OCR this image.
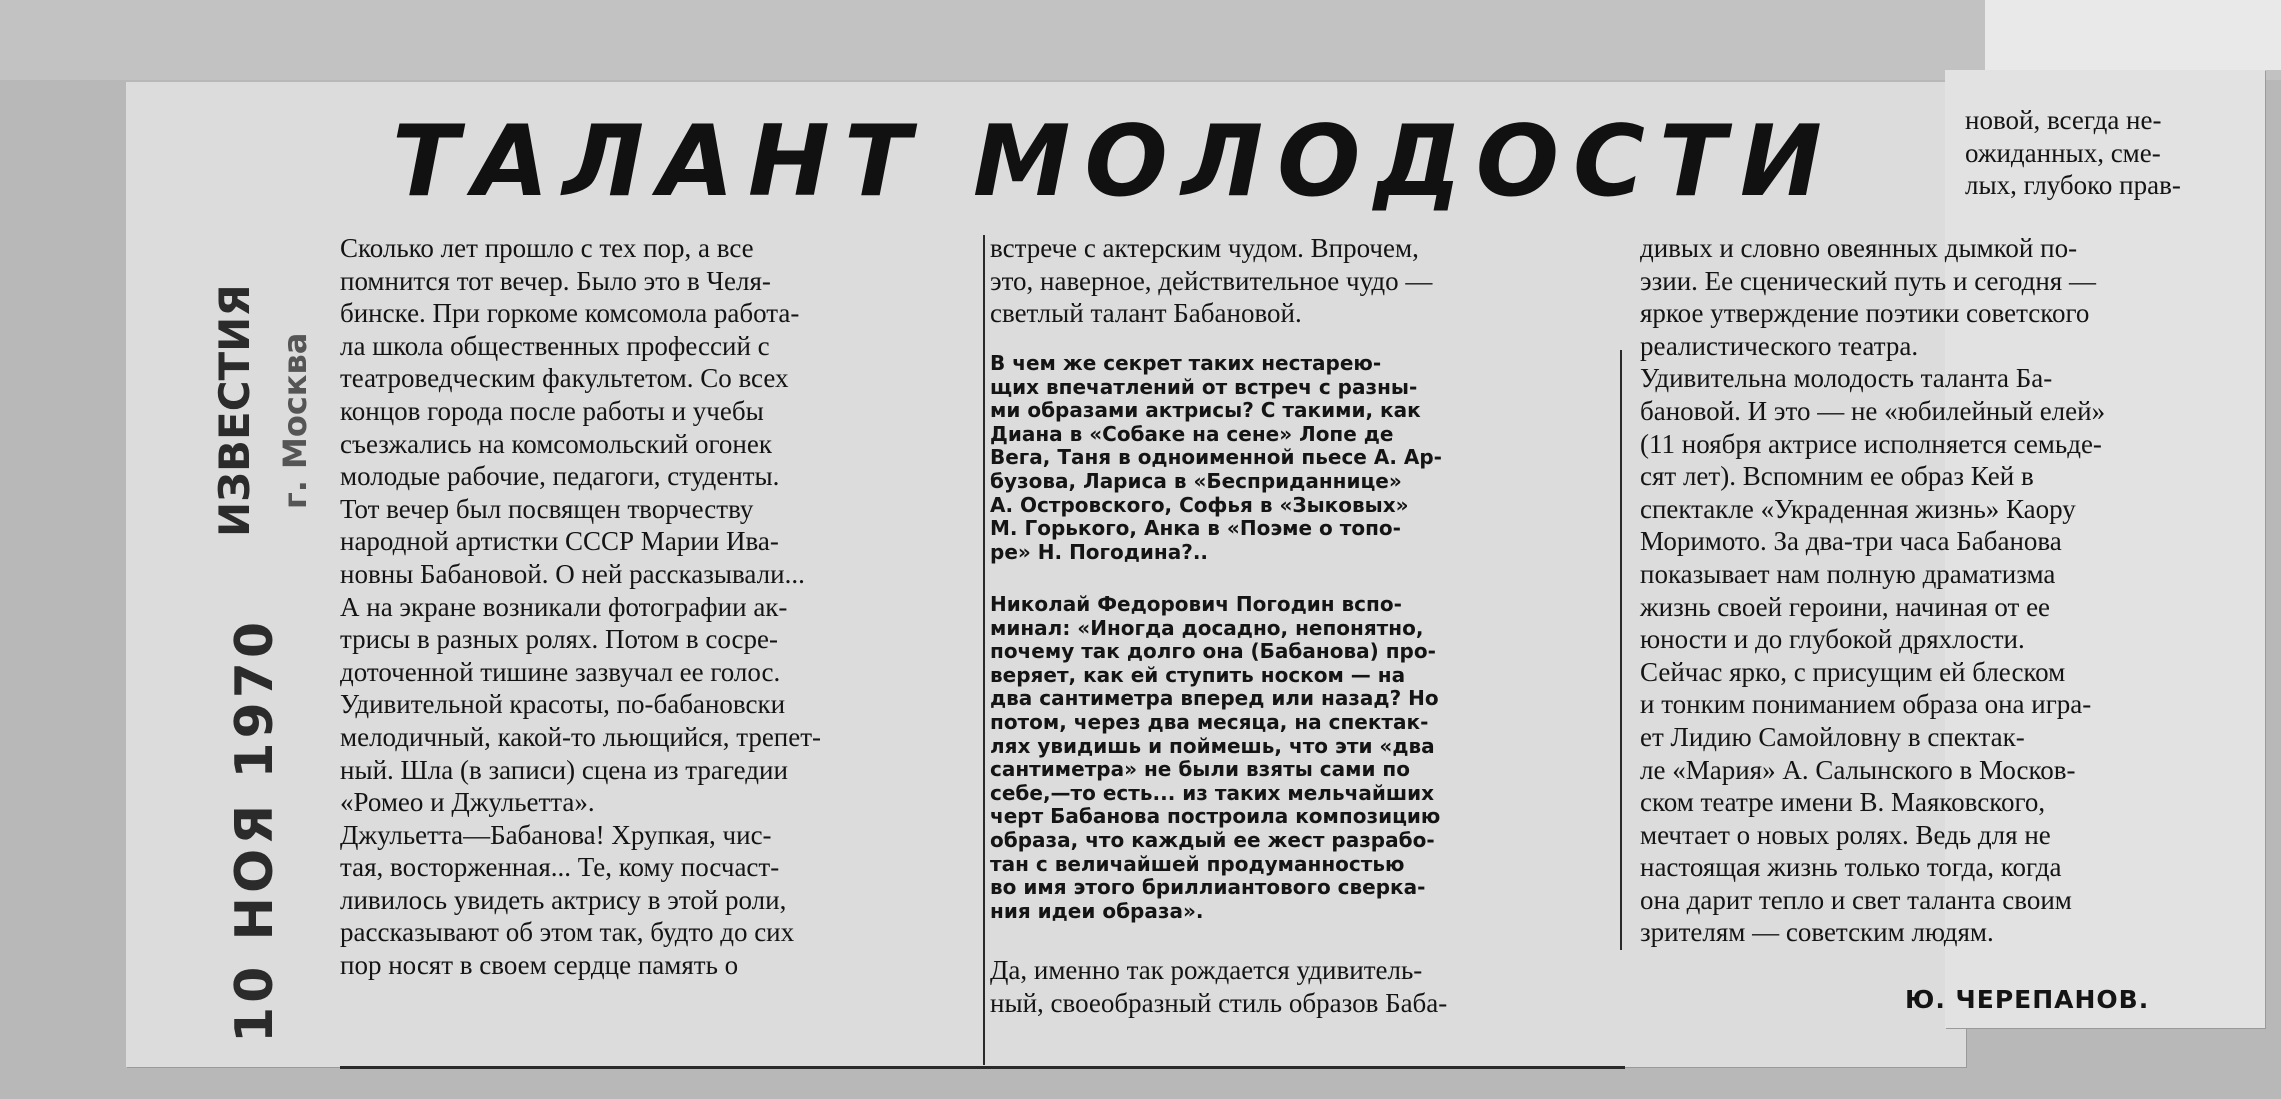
ТАЛАНТ МОЛОДОСТИ
ИЗВЕСТИЯ г. Москва
10 НОЯ 1970
Сколько лет прошло с тех пор, а все
помнится тот вечер. Было это в Челя-
бинске. При горкоме комсомола работа-
ла школа общественных профессий с
театроведческим факультетом. Со всех
концов города после работы и учебы
съезжались на комсомольский огонек
молодые рабочие, педагоги, студенты.
Тот вечер был посвящен творчеству
народной артистки СССР Марии Ива-
новны Бабановой. О ней рассказывали...
А на экране возникали фотографии ак-
трисы в разных ролях. Потом в сосре-
доточенной тишине зазвучал ее голос.
Удивительной красоты, по-бабановски
мелодичный, какой-то льющийся, трепет-
ный. Шла (в записи) сцена из трагедии
«Ромео и Джульетта».
Джульетта—Бабанова! Хрупкая, чис-
тая, восторженная... Те, кому посчаст-
ливилось увидеть актрису в этой роли,
рассказывают об этом так, будто до сих
пор носят в своем сердце память о
встрече с актерским чудом. Впрочем,
это, наверное, действительное чудо —
светлый талант Бабановой.

В чем же секрет таких нестарею-
щих впечатлений от встреч с разны-
ми образами актрисы? С такими, как
Диана в «Собаке на сене» Лопе де
Вега, Таня в одноименной пьесе А. Ар-
бузова, Лариса в «Бесприданнице»
А. Островского, Софья в «Зыковых»
М. Горького, Анка в «Поэме о топо-
ре» Н. Погодина?..

Николай Федорович Погодин вспо-
минал: «Иногда досадно, непонятно,
почему так долго она (Бабанова) про-
веряет, как ей ступить носком — на
два сантиметра вперед или назад? Но
потом, через два месяца, на спектак-
лях увидишь и поймешь, что эти «два
сантиметра» не были взяты сами по
себе,—то есть... из таких мельчайших
черт Бабанова построила композицию
образа, что каждый ее жест разрабо-
тан с величайшей продуманностью
во имя этого бриллиантового сверка-
ния идеи образа».

Да, именно так рождается удивитель-
ный, своеобразный стиль образов Баба-
дивых и словно овеянных дымкой по-
эзии. Ее сценический путь и сегодня —
яркое утверждение поэтики советского
реалистического театра.
Удивительна молодость таланта Ба-
бановой. И это — не «юбилейный елей»
(11 ноября актрисе исполняется семьде-
сят лет). Вспомним ее образ Кей в
спектакле «Украденная жизнь» Каору
Моримото. За два-три часа Бабанова
показывает нам полную драматизма
жизнь своей героини, начиная от ее
юности и до глубокой дряхлости.
Сейчас ярко, с присущим ей блеском
и тонким пониманием образа она игра-
ет Лидию Самойловну в спектак-
ле «Мария» А. Салынского в Москов-
ском театре имени В. Маяковского,
мечтает о новых ролях. Ведь для не
настоящая жизнь только тогда, когда
она дарит тепло и свет таланта своим
зрителям — советским людям.
новой, всегда не-
ожиданных, сме-
лых, глубоко прав-
Ю. ЧЕРЕПАНОВ.
